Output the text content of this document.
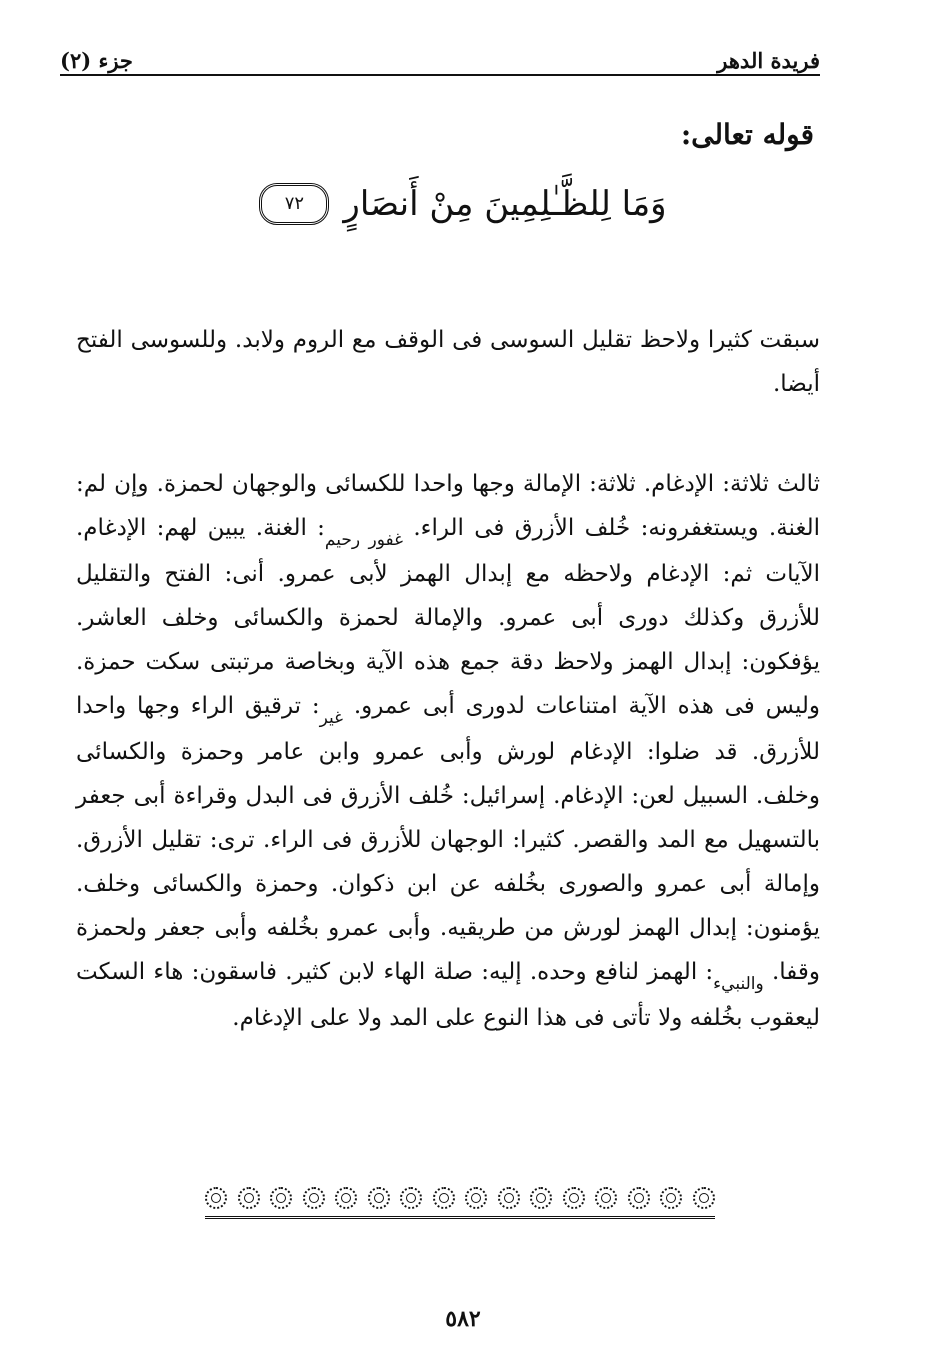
فريدة الدهر
جزء (٢)
قوله تعالى:
وَمَا لِلظَّـٰلِمِينَ مِنْ أَنصَارٍ
٧٢

سبقت كثيرا ولاحظ تقليل السوسى فى الوقف مع الروم ولابد. وللسوسى الفتح أيضا.

ثالث ثلاثة: الإدغام. ثلاثة: الإمالة وجها واحدا للكسائى والوجهان لحمزة. وإن لم: الغنة. ويستغفرونه: خُلف الأزرق فى الراء. $_{غفور رحيم}$: الغنة. يبين لهم: الإدغام. الآيات ثم: الإدغام ولاحظه مع إبدال الهمز لأبى عمرو. أنى: الفتح والتقليل للأزرق وكذلك دورى أبى عمرو. والإمالة لحمزة والكسائى وخلف العاشر. يؤفكون: إبدال الهمز ولاحظ دقة جمع هذه الآية وبخاصة مرتبتى سكت حمزة. وليس فى هذه الآية امتناعات لدورى أبى عمرو. $_{غير}$: ترقيق الراء وجها واحدا للأزرق. قد ضلوا: الإدغام لورش وأبى عمرو وابن عامر وحمزة والكسائى وخلف. السبيل لعن: الإدغام. إسرائيل: خُلف الأزرق فى البدل وقراءة أبى جعفر بالتسهيل مع المد والقصر. كثيرا: الوجهان للأزرق فى الراء. ترى: تقليل الأزرق. وإمالة أبى عمرو والصورى بخُلفه عن ابن ذكوان. وحمزة والكسائى وخلف. يؤمنون: إبدال الهمز لورش من طريقيه. وأبى عمرو بخُلفه وأبى جعفر ولحمزة وقفا. $_{والنبيء}$: الهمز لنافع وحده. إليه: صلة الهاء لابن كثير. فاسقون: هاء السكت ليعقوب بخُلفه ولا تأتى فى هذا النوع على المد ولا على الإدغام.

٥٨٢
